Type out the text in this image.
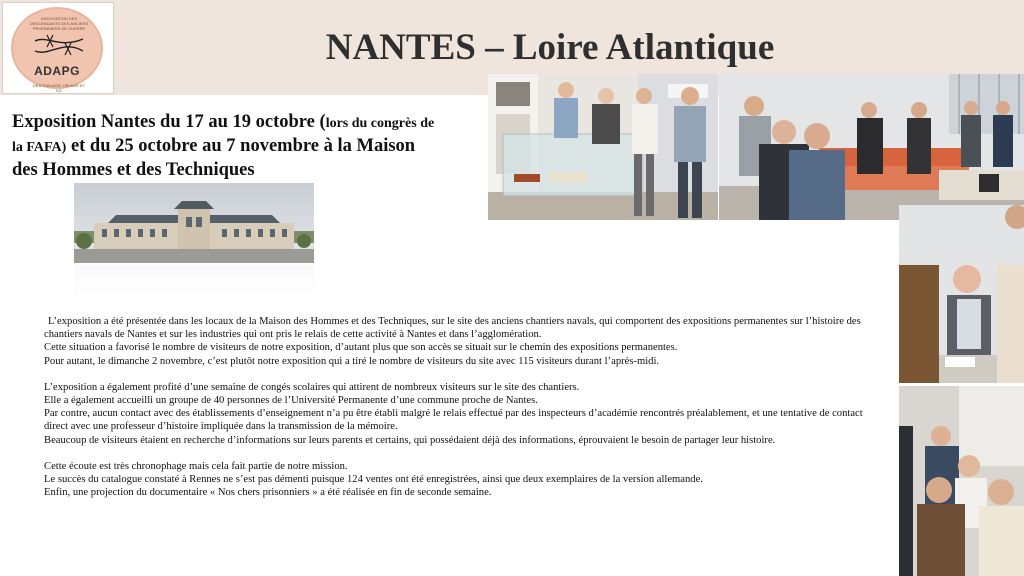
ASSOCIATION DES DESCENDANTS DES ANCIENS PRISONNIERS DE GUERRE
ADAPG
DES STALAGS, OFLAGS ET KG
NANTES – Loire Atlantique

Exposition Nantes du 17 au 19 octobre (lors du congrès de la FAFA) et du 25 octobre au 7 novembre à la Maison des Hommes et des Techniques

L’exposition a été présentée dans les locaux de la Maison des Hommes et des Techniques, sur le site des anciens chantiers navals, qui comportent des expositions permanentes sur l’histoire des chantiers navals de Nantes et sur les industries qui ont pris le relais de cette activité à Nantes et dans l’agglomération.

Cette situation a favorisé le nombre de visiteurs de notre exposition, d’autant plus que son accès se situait sur le chemin des expositions permanentes.

Pour autant, le dimanche 2 novembre, c’est plutôt notre exposition qui a tiré le nombre de visiteurs du site avec 115 visiteurs durant l’après-midi.

L’exposition a également profité d’une semaine de congés scolaires qui attirent de nombreux visiteurs sur le site des chantiers.

Elle a également accueilli un groupe de 40 personnes de l’Université Permanente d’une commune proche de Nantes.

Par contre, aucun contact avec des établissements d’enseignement n’a pu être établi malgré le relais effectué par des inspecteurs d’académie rencontrés préalablement, et une tentative de contact direct avec une professeur d’histoire impliquée dans la transmission de la mémoire.

Beaucoup de visiteurs étaient en recherche d’informations sur leurs parents et certains, qui possédaient déjà des informations, éprouvaient le besoin de partager leur histoire.

Cette écoute est très chronophage mais cela fait partie de notre mission.

Le succès du catalogue constaté à Rennes ne s’est pas démenti puisque 124 ventes ont été enregistrées, ainsi que deux exemplaires de la version allemande.

Enfin, une projection du documentaire « Nos chers prisonniers » a été réalisée en fin de seconde semaine.
